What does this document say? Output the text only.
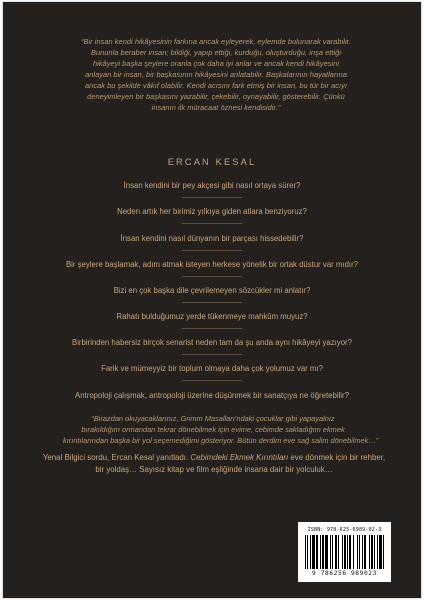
“Bir insan kendi hikâyesinin farkına ancak eyleyerek, eylemde bulunarak varabilir.
Bununla beraber insan; bildiği, yapıp ettiği, kurduğu, oluşturduğu, inşa ettiği
hikâyeyi başka şeylere oranla çok daha iyi anlar ve ancak kendi hikâyesini
anlayan bir insan, bir başkasının hikâyesini anlatabilir. Başkalarının hayatlarına
ancak bu şekilde vâkıf olabilir. Kendi acısını fark etmiş bir insan, bu tür bir acıyı
deneyimleyen bir başkasını yazabilir, çekebilir, oynayabilir, gösterebilir. Çünkü
insanın ilk müracaat öznesi kendisidir.”
ERCAN KESAL
İnsan kendini bir pey akçesi gibi nasıl ortaya sürer?
Neden artık her birimiz yılkıya giden atlara benziyoruz?
İnsan kendini nasıl dünyanın bir parçası hissedebilir?
Bir şeylere başlamak, adım atmak isteyen herkese yönelik bir ortak düstur var mıdır?
Bizi en çok başka dile çevrilemeyen sözcükler mi anlatır?
Rahatı bulduğumuz yerde tükenmeye mahkûm muyuz?
Birbirinden habersiz birçok senarist neden tam da şu anda aynı hikâyeyi yazıyor?
Farik ve mümeyyiz bir toplum olmaya daha çok yolumuz var mı?
Antropoloji çalışmak, antropoloji üzerine düşünmek bir sanatçıya ne öğretebilir?
“Birazdan okuyacaklarınız, Grimm Masalları’ndaki çocuklar gibi yapayalnız
bırakıldığım ormandan tekrar dönebilmek için evime, cebimde sakladığım ekmek
kırıntılarından başka bir yol seçemediğimi gösteriyor. Bütün derdim eve sağ salim dönebilmek…”
Yenal Bilgici sordu, Ercan Kesal yanıtladı. Cebimdeki Ekmek Kırıntıları eve dönmek için bir rehber, bir yoldaş… Sayısız kitap ve film eşliğinde insana dair bir yolculuk…
ISBN: 978-625-6989-02-3
9 786256 989023
